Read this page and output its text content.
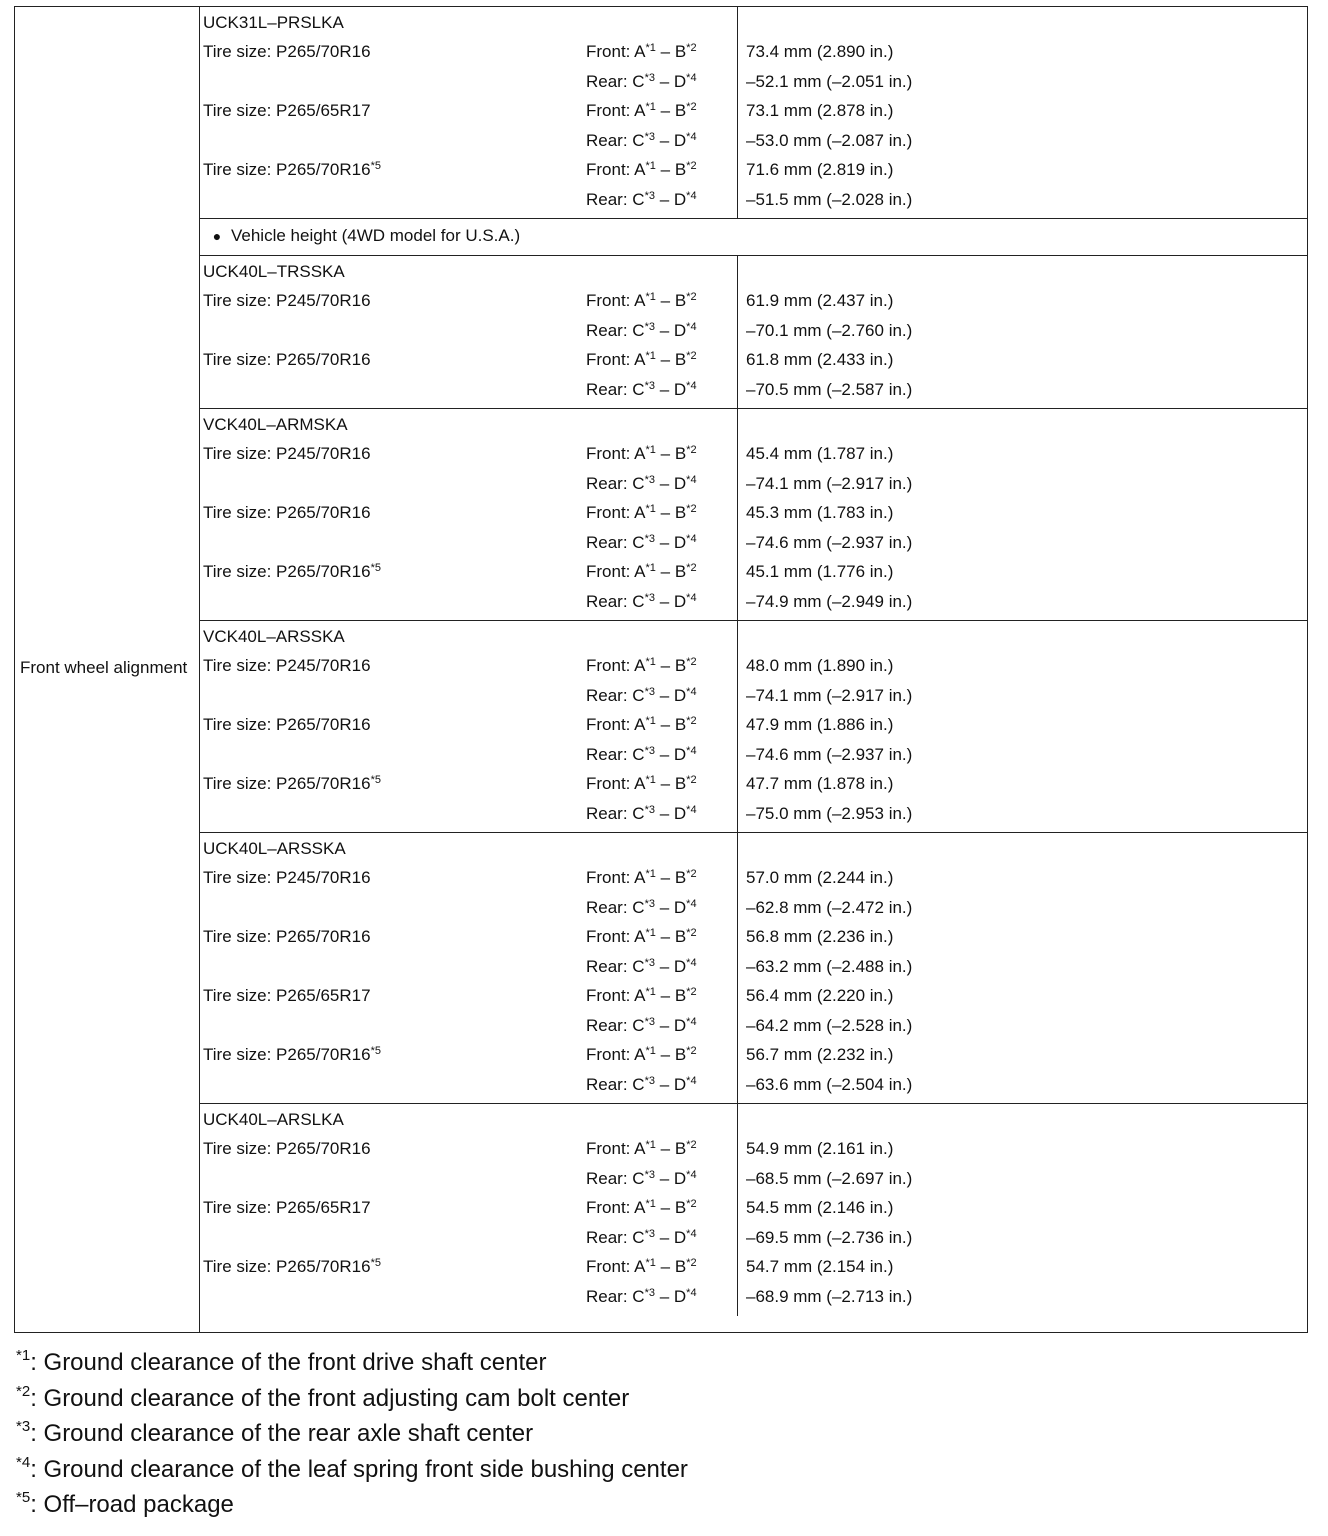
Front wheel alignment
UCK31L–PRSLKA
Tire size: P265/70R16	Front: $A^{*1} - B^{*2}$	73.4 mm (2.890 in.)
Rear: $C^{*3} - D^{*4}$	–52.1 mm (–2.051 in.)
Tire size: P265/65R17	Front: $A^{*1} - B^{*2}$	73.1 mm (2.878 in.)
Rear: $C^{*3} - D^{*4}$	–53.0 mm (–2.087 in.)
Tire size: P265/70R16$^{*5}$	Front: $A^{*1} - B^{*2}$	71.6 mm (2.819 in.)
Rear: $C^{*3} - D^{*4}$	–51.5 mm (–2.028 in.)
● Vehicle height (4WD model for U.S.A.)
UCK40L–TRSSKA
Tire size: P245/70R16	Front: $A^{*1} - B^{*2}$	61.9 mm (2.437 in.)
Rear: $C^{*3} - D^{*4}$	–70.1 mm (–2.760 in.)
Tire size: P265/70R16	Front: $A^{*1} - B^{*2}$	61.8 mm (2.433 in.)
Rear: $C^{*3} - D^{*4}$	–70.5 mm (–2.587 in.)
VCK40L–ARMSKA
Tire size: P245/70R16	Front: $A^{*1} - B^{*2}$	45.4 mm (1.787 in.)
Rear: $C^{*3} - D^{*4}$	–74.1 mm (–2.917 in.)
Tire size: P265/70R16	Front: $A^{*1} - B^{*2}$	45.3 mm (1.783 in.)
Rear: $C^{*3} - D^{*4}$	–74.6 mm (–2.937 in.)
Tire size: P265/70R16$^{*5}$	Front: $A^{*1} - B^{*2}$	45.1 mm (1.776 in.)
Rear: $C^{*3} - D^{*4}$	–74.9 mm (–2.949 in.)
VCK40L–ARSSKA
Tire size: P245/70R16	Front: $A^{*1} - B^{*2}$	48.0 mm (1.890 in.)
Rear: $C^{*3} - D^{*4}$	–74.1 mm (–2.917 in.)
Tire size: P265/70R16	Front: $A^{*1} - B^{*2}$	47.9 mm (1.886 in.)
Rear: $C^{*3} - D^{*4}$	–74.6 mm (–2.937 in.)
Tire size: P265/70R16$^{*5}$	Front: $A^{*1} - B^{*2}$	47.7 mm (1.878 in.)
Rear: $C^{*3} - D^{*4}$	–75.0 mm (–2.953 in.)
UCK40L–ARSSKA
Tire size: P245/70R16	Front: $A^{*1} - B^{*2}$	57.0 mm (2.244 in.)
Rear: $C^{*3} - D^{*4}$	–62.8 mm (–2.472 in.)
Tire size: P265/70R16	Front: $A^{*1} - B^{*2}$	56.8 mm (2.236 in.)
Rear: $C^{*3} - D^{*4}$	–63.2 mm (–2.488 in.)
Tire size: P265/65R17	Front: $A^{*1} - B^{*2}$	56.4 mm (2.220 in.)
Rear: $C^{*3} - D^{*4}$	–64.2 mm (–2.528 in.)
Tire size: P265/70R16$^{*5}$	Front: $A^{*1} - B^{*2}$	56.7 mm (2.232 in.)
Rear: $C^{*3} - D^{*4}$	–63.6 mm (–2.504 in.)
UCK40L–ARSLKA
Tire size: P265/70R16	Front: $A^{*1} - B^{*2}$	54.9 mm (2.161 in.)
Rear: $C^{*3} - D^{*4}$	–68.5 mm (–2.697 in.)
Tire size: P265/65R17	Front: $A^{*1} - B^{*2}$	54.5 mm (2.146 in.)
Rear: $C^{*3} - D^{*4}$	–69.5 mm (–2.736 in.)
Tire size: P265/70R16$^{*5}$	Front: $A^{*1} - B^{*2}$	54.7 mm (2.154 in.)
Rear: $C^{*3} - D^{*4}$	–68.9 mm (–2.713 in.)
$^{*1}$: Ground clearance of the front drive shaft center
$^{*2}$: Ground clearance of the front adjusting cam bolt center
$^{*3}$: Ground clearance of the rear axle shaft center
$^{*4}$: Ground clearance of the leaf spring front side bushing center
$^{*5}$: Off–road package
